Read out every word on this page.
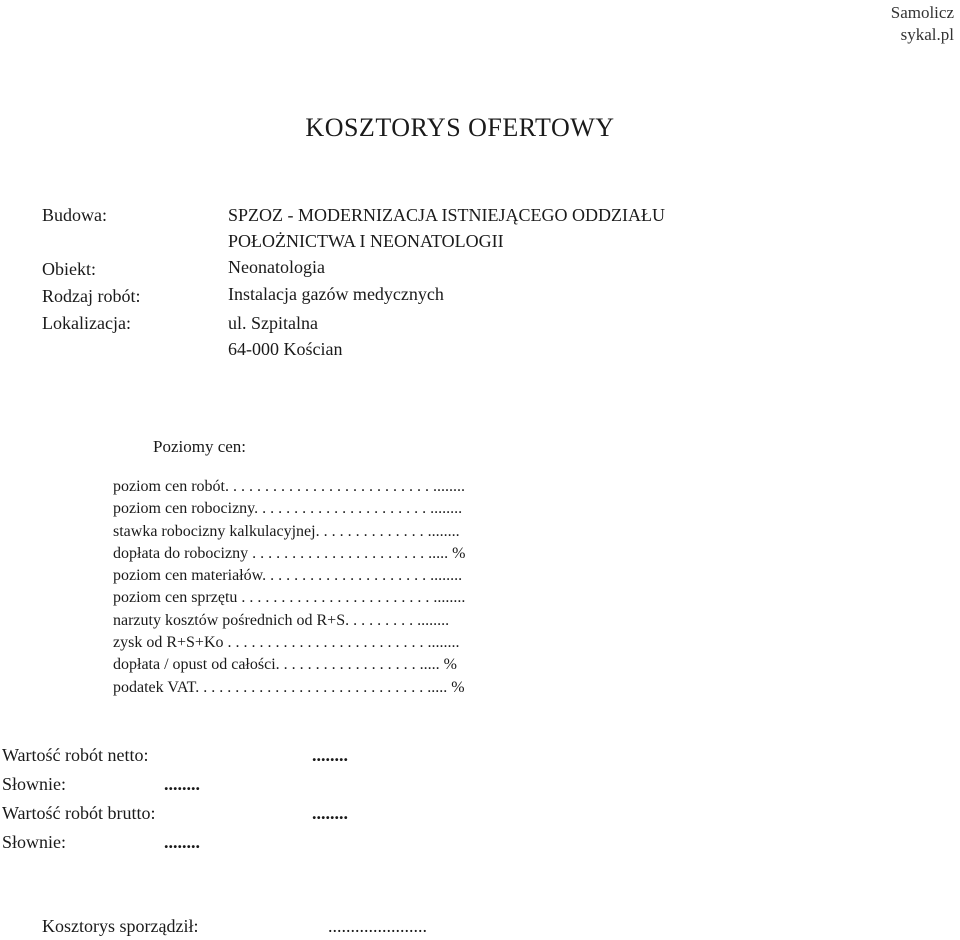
Samolicz
sykal.pl
KOSZTORYS OFERTOWY
Budowa:	SPZOZ - MODERNIZACJA ISTNIEJĄCEGO ODDZIAŁU
POŁOŻNICTWA I NEONATOLOGII
Obiekt:	Neonatologia
Rodzaj robót:	Instalacja gazów medycznych
Lokalizacja:	ul. Szpitalna
64-000 Kościan
Poziomy cen:
poziom cen robót. . . . . . . . . . . . . . . . . . . . . . . . . . ........
poziom cen robocizny. . . . . . . . . . . . . . . . . . . . . . ........
stawka robocizny kalkulacyjnej. . . . . . . . . . . . . . ........
dopłata do robocizny . . . . . . . . . . . . . . . . . . . . . . ..... %
poziom cen materiałów. . . . . . . . . . . . . . . . . . . . . ........
poziom cen sprzętu . . . . . . . . . . . . . . . . . . . . . . . . ........
narzuty kosztów pośrednich od R+S. . . . . . . . . ........
zysk od R+S+Ko . . . . . . . . . . . . . . . . . . . . . . . . . ........
dopłata / opust od całości. . . . . . . . . . . . . . . . . . ..... %
podatek VAT. . . . . . . . . . . . . . . . . . . . . . . . . . . . . ..... %
Wartość robót netto:	........
Słownie:	........
Wartość robót brutto:	........
Słownie:	........
Kosztorys sporządził:	......................
